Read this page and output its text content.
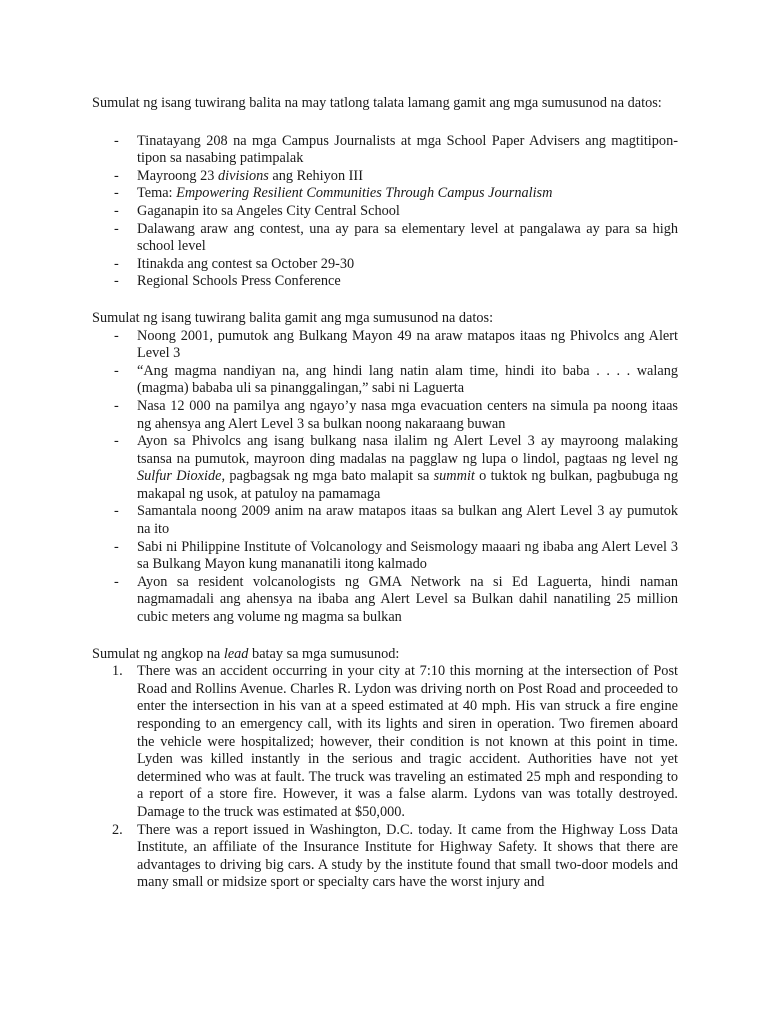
Sumulat ng isang tuwirang balita na may tatlong talata lamang gamit ang mga sumusunod na datos:

- Tinatayang 208 na mga Campus Journalists at mga School Paper Advisers ang magtitipon-tipon sa nasabing patimpalak
- Mayroong 23 divisions ang Rehiyon III
- Tema: Empowering Resilient Communities Through Campus Journalism
- Gaganapin ito sa Angeles City Central School
- Dalawang araw ang contest, una ay para sa elementary level at pangalawa ay para sa high school level
- Itinakda ang contest sa October 29-30
- Regional Schools Press Conference

Sumulat ng isang tuwirang balita gamit ang mga sumusunod na datos:

- Noong 2001, pumutok ang Bulkang Mayon 49 na araw matapos itaas ng Phivolcs ang Alert Level 3
- “Ang magma nandiyan na, ang hindi lang natin alam time, hindi ito baba . . . . walang (magma) bababa uli sa pinanggalingan,” sabi ni Laguerta
- Nasa 12 000 na pamilya ang ngayo’y nasa mga evacuation centers na simula pa noong itaas ng ahensya ang Alert Level 3 sa bulkan noong nakaraang buwan
- Ayon sa Phivolcs ang isang bulkang nasa ilalim ng Alert Level 3 ay mayroong malaking tsansa na pumutok, mayroon ding madalas na pagglaw ng lupa o lindol, pagtaas ng level ng Sulfur Dioxide, pagbagsak ng mga bato malapit sa summit o tuktok ng bulkan, pagbubuga ng makapal ng usok, at patuloy na pamamaga
- Samantala noong 2009 anim na araw matapos itaas sa bulkan ang Alert Level 3 ay pumutok na ito
- Sabi ni Philippine Institute of Volcanology and Seismology maaari ng ibaba ang Alert Level 3 sa Bulkang Mayon kung mananatili itong kalmado
- Ayon sa resident volcanologists ng GMA Network na si Ed Laguerta, hindi naman nagmamadali ang ahensya na ibaba ang Alert Level sa Bulkan dahil nanatiling 25 million cubic meters ang volume ng magma sa bulkan

Sumulat ng angkop na lead batay sa mga sumusunod:

1. There was an accident occurring in your city at 7:10 this morning at the intersection of Post Road and Rollins Avenue. Charles R. Lydon was driving north on Post Road and proceeded to enter the intersection in his van at a speed estimated at 40 mph. His van struck a fire engine responding to an emergency call, with its lights and siren in operation. Two firemen aboard the vehicle were hospitalized; however, their condition is not known at this point in time. Lyden was killed instantly in the serious and tragic accident. Authorities have not yet determined who was at fault. The truck was traveling an estimated 25 mph and responding to a report of a store fire. However, it was a false alarm. Lydons van was totally destroyed. Damage to the truck was estimated at $50,000.
2. There was a report issued in Washington, D.C. today. It came from the Highway Loss Data Institute, an affiliate of the Insurance Institute for Highway Safety. It shows that there are advantages to driving big cars. A study by the institute found that small two-door models and many small or midsize sport or specialty cars have the worst injury and
